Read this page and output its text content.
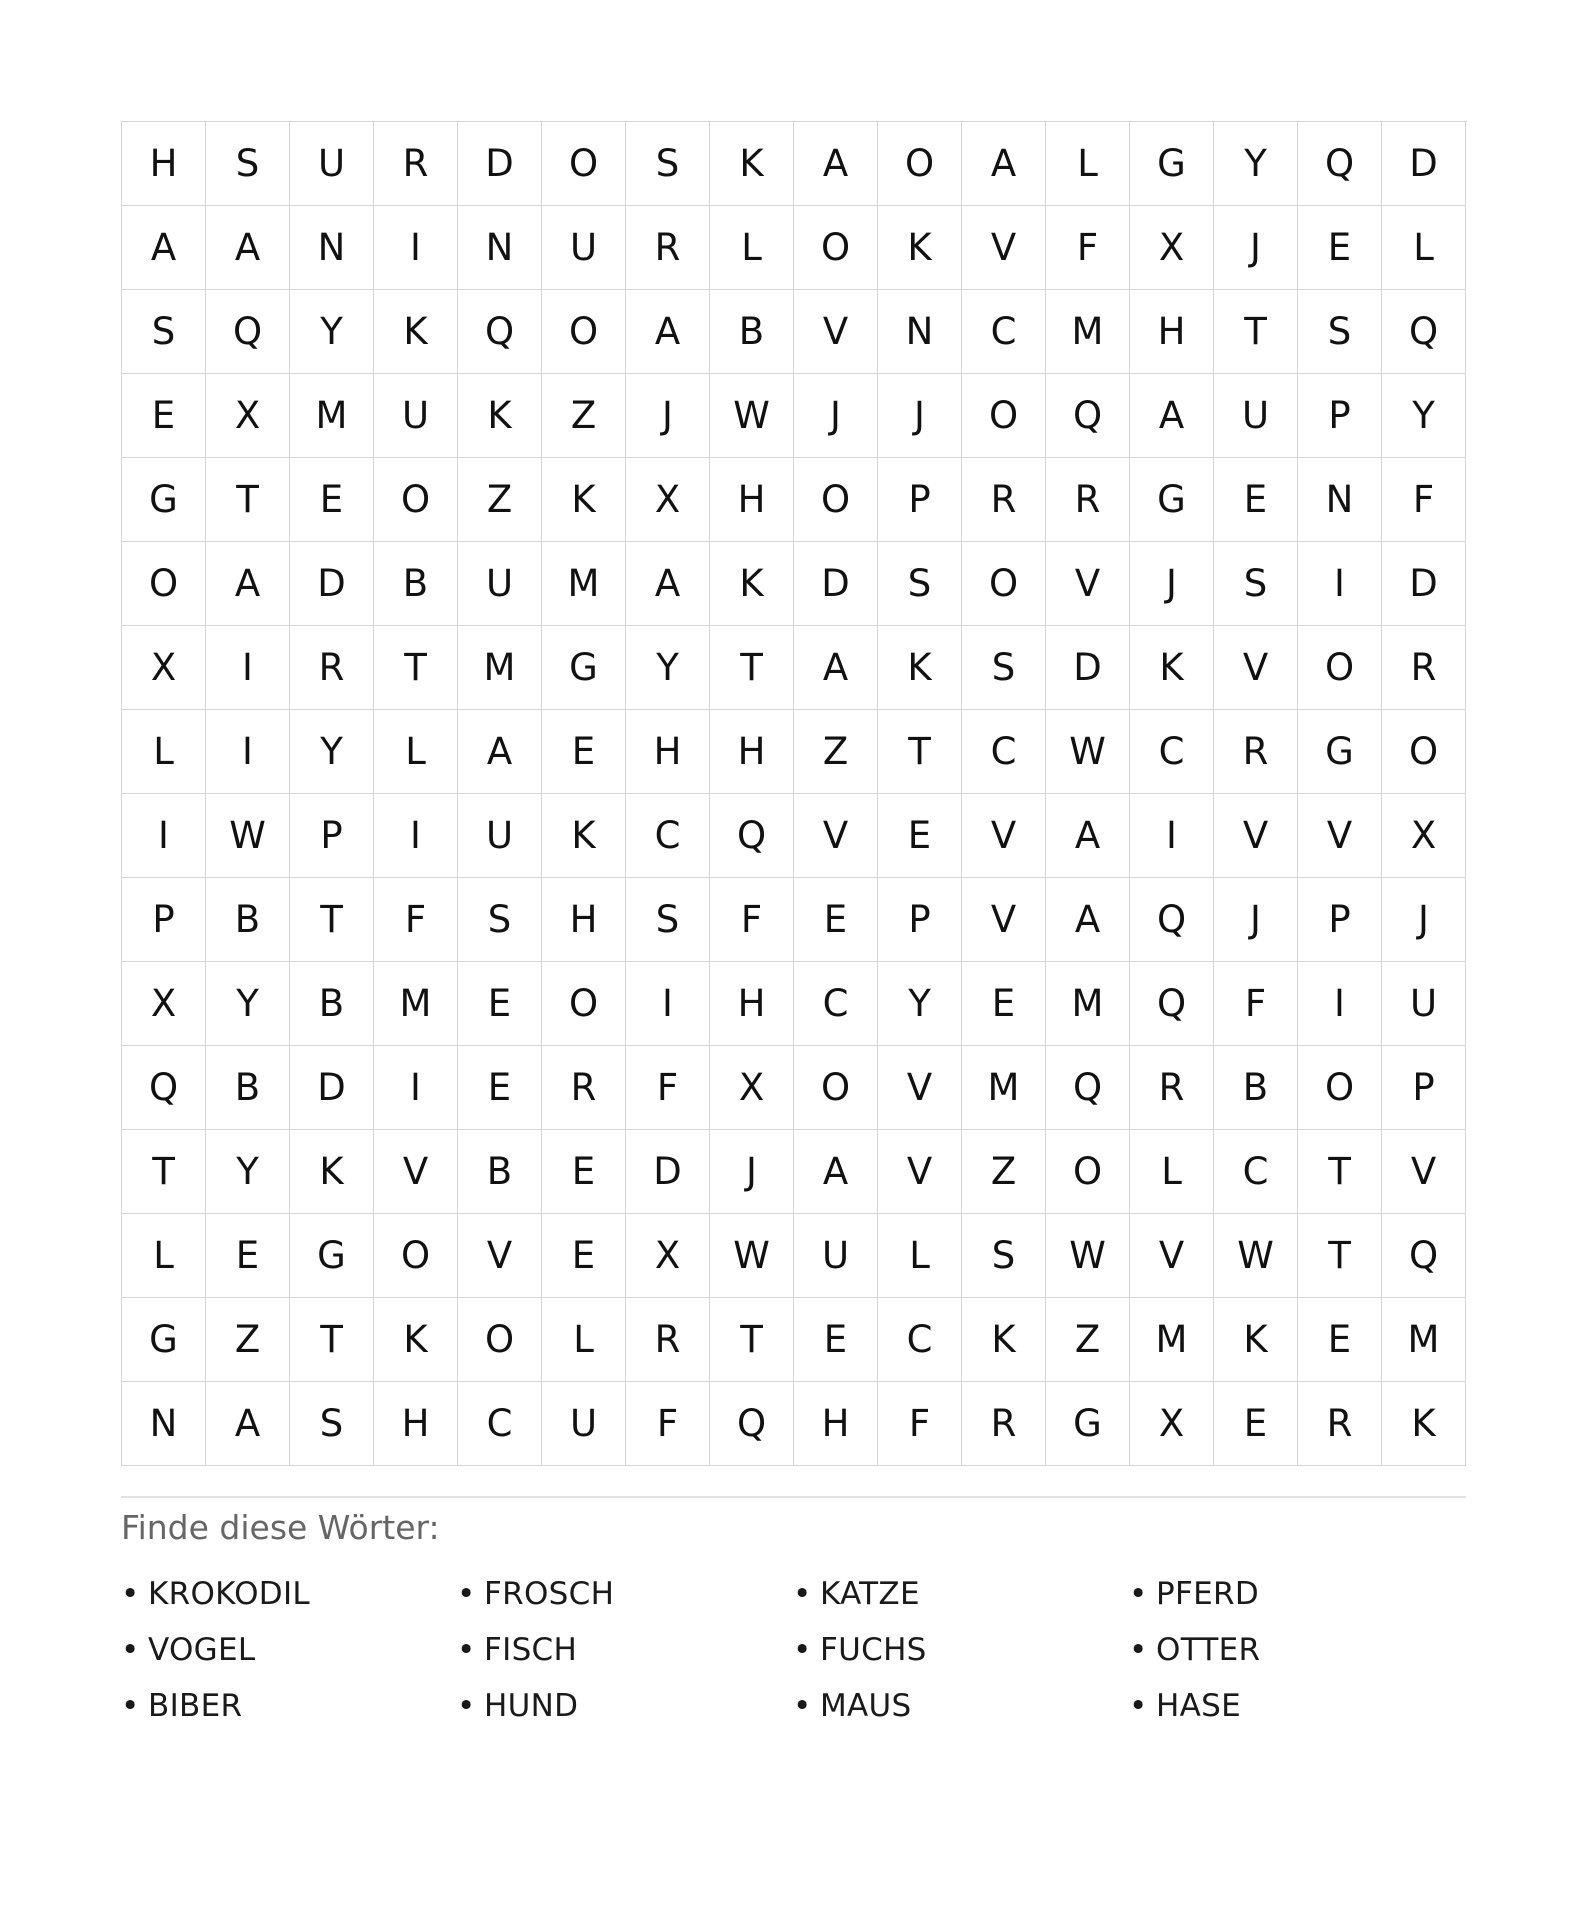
H	S	U	R	D	O	S	K	A	O	A	L	G	Y	Q	D
A	A	N	I	N	U	R	L	O	K	V	F	X	J	E	L
S	Q	Y	K	Q	O	A	B	V	N	C	M	H	T	S	Q
E	X	M	U	K	Z	J	W	J	J	O	Q	A	U	P	Y
G	T	E	O	Z	K	X	H	O	P	R	R	G	E	N	F
O	A	D	B	U	M	A	K	D	S	O	V	J	S	I	D
X	I	R	T	M	G	Y	T	A	K	S	D	K	V	O	R
L	I	Y	L	A	E	H	H	Z	T	C	W	C	R	G	O
I	W	P	I	U	K	C	Q	V	E	V	A	I	V	V	X
P	B	T	F	S	H	S	F	E	P	V	A	Q	J	P	J
X	Y	B	M	E	O	I	H	C	Y	E	M	Q	F	I	U
Q	B	D	I	E	R	F	X	O	V	M	Q	R	B	O	P
T	Y	K	V	B	E	D	J	A	V	Z	O	L	C	T	V
L	E	G	O	V	E	X	W	U	L	S	W	V	W	T	Q
G	Z	T	K	O	L	R	T	E	C	K	Z	M	K	E	M
N	A	S	H	C	U	F	Q	H	F	R	G	X	E	R	K
Finde diese Wörter:
• KROKODIL	• FROSCH	• KATZE	• PFERD
• VOGEL	• FISCH	• FUCHS	• OTTER
• BIBER	• HUND	• MAUS	• HASE
